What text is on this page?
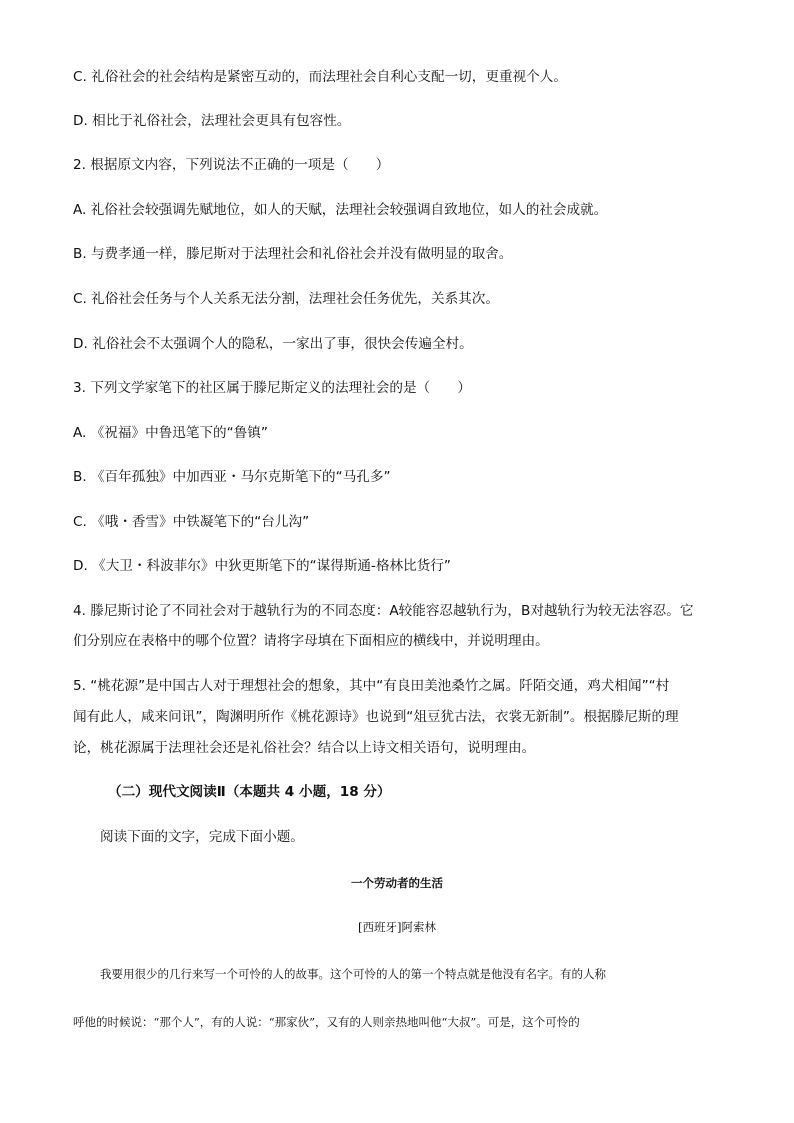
C. 礼俗社会的社会结构是紧密互动的，而法理社会自利心支配一切，更重视个人。
D. 相比于礼俗社会，法理社会更具有包容性。
2. 根据原文内容，下列说法不正确的一项是（　　）
A. 礼俗社会较强调先赋地位，如人的天赋，法理社会较强调自致地位，如人的社会成就。
B. 与费孝通一样，滕尼斯对于法理社会和礼俗社会并没有做明显的取舍。
C. 礼俗社会任务与个人关系无法分割，法理社会任务优先，关系其次。
D. 礼俗社会不太强调个人的隐私，一家出了事，很快会传遍全村。
3. 下列文学家笔下的社区属于滕尼斯定义的法理社会的是（　　）
A. 《祝福》中鲁迅笔下的“鲁镇”
B. 《百年孤独》中加西亚・马尔克斯笔下的“马孔多”
C. 《哦・香雪》中铁凝笔下的“台儿沟”
D. 《大卫・科波菲尔》中狄更斯笔下的“谋得斯通-格林比货行”
4. 滕尼斯讨论了不同社会对于越轨行为的不同态度：A较能容忍越轨行为，B对越轨行为较无法容忍。它
们分别应在表格中的哪个位置？请将字母填在下面相应的横线中，并说明理由。
5. “桃花源”是中国古人对于理想社会的想象，其中“有良田美池桑竹之属。阡陌交通，鸡犬相闻”“村
闻有此人，咸来问讯”，陶渊明所作《桃花源诗》也说到“俎豆犹古法，衣裳无新制”。根据滕尼斯的理
论，桃花源属于法理社会还是礼俗社会？结合以上诗文相关语句，说明理由。
（二）现代文阅读Ⅱ（本题共 4 小题，18 分）
阅读下面的文字，完成下面小题。
一个劳动者的生活
[西班牙]阿索林
我要用很少的几行来写一个可怜的人的故事。这个可怜的人的第一个特点就是他没有名字。有的人称
呼他的时候说：“那个人”，有的人说：“那家伙”，又有的人则亲热地叫他“大叔”。可是，这个可怜的
